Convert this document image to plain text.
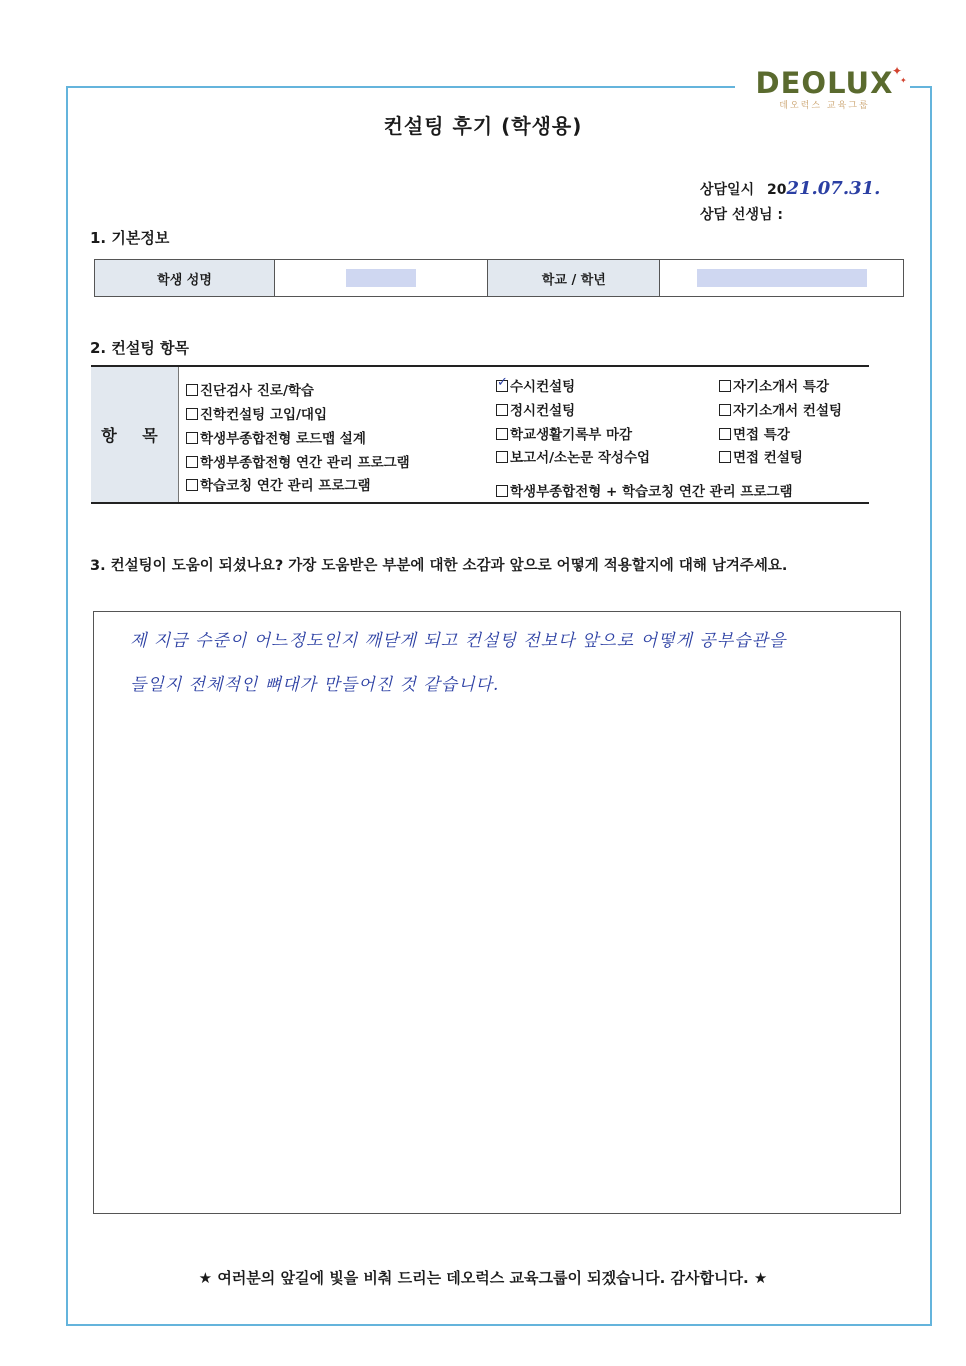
DEOLUX
데오럭스 교육그룹
✦
✦
컨설팅 후기 (학생용)
상담일시 2021.07.31.
상담 선생님 :
1. 기본정보
학생 성명		학교 / 학년	
2. 컨설팅 항목
항 목
진단검사 진로/학습
진학컨설팅 고입/대입
학생부종합전형 로드맵 설계
학생부종합전형 연간 관리 프로그램
학습코칭 연간 관리 프로그램
✓수시컨설팅
정시컨설팅
학교생활기록부 마감
보고서/소논문 작성수업
학생부종합전형 + 학습코칭 연간 관리 프로그램
자기소개서 특강
자기소개서 컨설팅
면접 특강
면접 컨설팅
3. 컨설팅이 도움이 되셨나요? 가장 도움받은 부분에 대한 소감과 앞으로 어떻게 적용할지에 대해 남겨주세요.
제 지금 수준이 어느정도인지 깨닫게 되고 컨설팅 전보다 앞으로 어떻게 공부습관을
들일지 전체적인 뼈대가 만들어진 것 같습니다.
★ 여러분의 앞길에 빛을 비춰 드리는 데오럭스 교육그룹이 되겠습니다. 감사합니다. ★
